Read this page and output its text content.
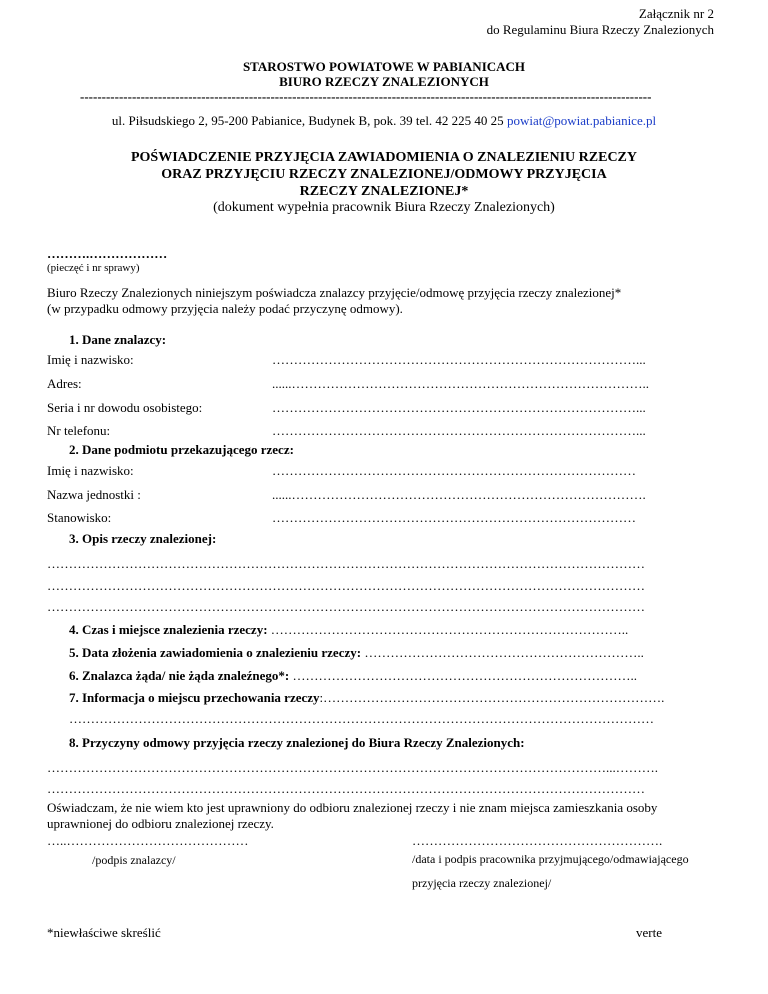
Załącznik nr 2
do Regulaminu Biura Rzeczy Znalezionych
STAROSTWO POWIATOWE W PABIANICACH
BIURO RZECZY ZNALEZIONYCH
------------------------------------------------------------------------------------------------------------------------------------
ul. Piłsudskiego 2, 95-200 Pabianice, Budynek B, pok. 39 tel. 42 225 40 25 powiat@powiat.pabianice.pl
POŚWIADCZENIE PRZYJĘCIA ZAWIADOMIENIA O ZNALEZIENIU RZECZY
ORAZ PRZYJĘCIU RZECZY ZNALEZIONEJ/ODMOWY PRZYJĘCIA
RZECZY ZNALEZIONEJ*
(dokument wypełnia pracownik Biura Rzeczy Znalezionych)
……….………………
(pieczęć i nr sprawy)
Biuro Rzeczy Znalezionych niniejszym poświadcza znalazcy przyjęcie/odmowę przyjęcia rzeczy znalezionej*
(w przypadku odmowy przyjęcia należy podać przyczynę odmowy).
1. Dane znalazcy:
Imię i nazwisko:	…………………………………………………………………………...
Adres:	......………………………………………………………………………..
Seria i nr dowodu osobistego:	…………………………………………………………………………...
Nr telefonu:	…………………………………………………………………………...
2. Dane podmiotu przekazującego rzecz:
Imię i nazwisko:	…………………………………………………………………………
Nazwa jednostki :	......……………………………………………………………………….
Stanowisko:	…………………………………………………………………………
3. Opis rzeczy znalezionej:
…………………………………………………………………………………………………………………………
…………………………………………………………………………………………………………………………
…………………………………………………………………………………………………………………………
4. Czas i miejsce znalezienia rzeczy: ………………………………………………………………………..
5. Data złożenia zawiadomienia o znalezieniu rzeczy: ………………………………………………………..
6. Znalazca żąda/ nie żąda znaleźnego*: ……………………………………………………………………..
7. Informacja o miejscu przechowania rzeczy:…………………………………………………………………….
………………………………………………………………………………………………………………………
8. Przyczyny odmowy przyjęcia rzeczy znalezionej do Biura Rzeczy Znalezionych:
…………………………………………………………………………………………………………………...……….
…………………………………………………………………………………………………………………………
Oświadczam, że nie wiem kto jest uprawniony do odbioru znalezionej rzeczy i nie znam miejsca zamieszkania osoby
uprawnionej do odbioru znalezionej rzeczy.
…..……………………………………	………………………………………………….
/podpis znalazcy/	/data i podpis pracownika przyjmującego/odmawiającego
przyjęcia rzeczy znalezionej/
*niewłaściwe skreślić	verte
